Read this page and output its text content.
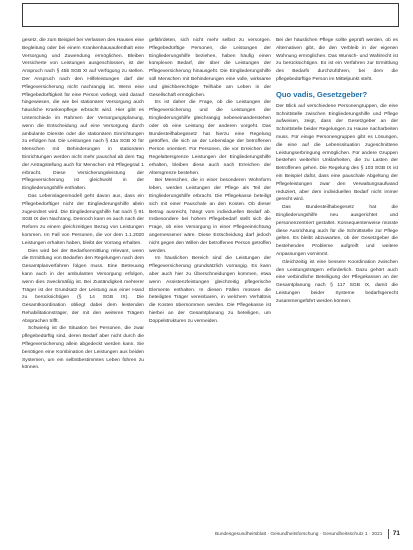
gesetz, die zum Beispiel bei Verlassen des Hauses eine Begleitung oder bei einem Krankenhausaufenthalt eine Versorgung und Zuwendung ermöglichen. Bleiben Versicherte von Leistungen ausgeschlossen, ist der Anspruch nach § 45b SGB XI auf Verfügung zu stellen. Der Anspruch nach den Hilfeleistungen darf der Pflegeversicherung nicht nachrangig ist. Wenn eine Pflegebedürftigkeit für eine Person vorliegt, wird darauf hingewiesen, die wie bei stationärer Versorgung auch häusliche Krankenpflege erbracht wird. Hier gibt es Unterschiede im Rahmen der Versorgungsplanung, wenn die Entscheidung auf eine Versorgung durch ambulante Dienste oder die stationären Einrichtungen zu erfolgen hat. Die Leistungen nach § 43a SGB XI für Menschen mit Behinderungen in stationären Einrichtungen werden nicht mehr pauschal ab dem Tag der Antragstellung auch für Menschen mit Pflegegrad 1 erbracht. Diese Versicherungsleistung der Pflegeversicherung ist gleichwohl in der Eingliederungshilfe enthalten.

Das Lebenslagenmodell geht davon aus, dass ein Pflegebedürftiger nicht der Eingliederungshilfe allein zugeordnet wird. Die Eingliederungshilfe hat nach § 91 SGB IX den Nachrang. Dennoch kann es auch nach der Reform zu einem gleichzeitigen Bezug von Leistungen kommen. Im Fall von Personen, die vor dem 1.1.2020 Leistungen erhalten haben, bleibt der Vorrang erhalten.

Dies wird bei der Bedarfsermittlung relevant, wenn die Ermittlung von Bedarfen den Regelungen nach dem Gesamtplanverfahren folgen muss. Eine Betreuung kann auch in der ambulanten Versorgung erfolgen, wenn dies zweckmäßig ist. Bei Zuständigkeit mehrerer Träger ist der Grundsatz der Leistung aus einer Hand zu berücksichtigen (§ 14 SGB IX). Die Gesamtkoordination obliegt dabei dem leistenden Rehabilitationsträger, der mit den weiteren Trägern Absprachen trifft.

Schwierig ist die Situation bei Personen, die zwar pflegebedürftig sind, deren Bedarf aber nicht durch die Pflegeversicherung allein abgedeckt werden kann. Sie benötigen eine Kombination der Leistungen aus beiden Systemen, um ein selbstbestimmtes Leben führen zu können.

gefährdeten, sich nicht mehr selbst zu versorgen. Pflegebedürftige Personen, die Leistungen der Eingliederungshilfe beziehen, haben häufig einen komplexen Bedarf, der über die Leistungen der Pflegeversicherung hinausgeht. Die Eingliederungshilfe soll Menschen mit Behinderungen eine volle, wirksame und gleichberechtigte Teilhabe am Leben in der Gesellschaft ermöglichen.

Es ist daher die Frage, ob die Leistungen der Pflegeversicherung und die Leistungen der Eingliederungshilfe gleichrangig nebeneinanderstehen oder ob eine Leistung der anderen vorgeht. Das Bundesteilhabegesetz hat hierzu eine Regelung getroffen, die sich an der Lebenslage der betroffenen Person orientiert. Für Personen, die vor Erreichen der Regelaltersgrenze Leistungen der Eingliederungshilfe erhalten, bleiben diese auch nach Erreichen der Altersgrenze bestehen.

Bei Menschen, die in einer besonderen Wohnform leben, werden Leistungen der Pflege als Teil der Eingliederungshilfe erbracht. Die Pflegekasse beteiligt sich mit einer Pauschale an den Kosten. Ob dieser Betrag ausreicht, hängt vom individuellen Bedarf ab. Insbesondere bei hohem Pflegebedarf stellt sich die Frage, ob eine Versorgung in einer Pflegeeinrichtung angemessener wäre. Diese Entscheidung darf jedoch nicht gegen den Willen der betroffenen Person getroffen werden.

Im häuslichen Bereich sind die Leistungen der Pflegeversicherung grundsätzlich vorrangig. Es kann aber auch hier zu Überschneidungen kommen, etwa wenn Assistenzleistungen gleichzeitig pflegerische Elemente enthalten. In diesen Fällen müssen die beteiligten Träger vereinbaren, in welchem Verhältnis die Kosten übernommen werden. Die Pflegekasse ist hierbei an der Gesamtplanung zu beteiligen, um Doppelstrukturen zu vermeiden.

Bei der häuslichen Pflege sollte geprüft werden, ob es Alternativen gibt, die den Verbleib in der eigenen Wohnung ermöglichen. Das Wunsch- und Wahlrecht ist zu berücksichtigen. Es ist ein Verfahren zur Ermittlung des Bedarfs durchzuführen, bei dem die pflegebedürftige Person im Mittelpunkt steht.

Quo vadis, Gesetzgeber?

Der Blick auf verschiedene Personengruppen, die eine Schnittstelle zwischen Eingliederungshilfe und Pflege aufweisen, zeigt, dass der Gesetzgeber an der Schnittstelle beider Regelungen zu Hause nacharbeiten muss. Für einige Personengruppen gibt es Lösungen, die eine auf die Lebenssituation zugeschnittene Leistungserbringung ermöglichen. Für andere Gruppen bestehen weiterhin Unklarheiten, die zu Lasten der Betroffenen gehen. Die Regelung des § 103 SGB IX ist ein Beispiel dafür, dass eine pauschale Abgeltung der Pflegeleistungen zwar den Verwaltungsaufwand reduziert, aber dem individuellen Bedarf nicht immer gerecht wird.

Das Bundesteilhabegesetz hat die Eingliederungshilfe neu ausgerichtet und personenzentriert gestaltet. Konsequenterweise müsste diese Ausrichtung auch für die Schnittstelle zur Pflege gelten. Es bleibt abzuwarten, ob der Gesetzgeber die bestehenden Probleme aufgreift und weitere Anpassungen vornimmt.

Gleichzeitig ist eine bessere Koordination zwischen den Leistungsträgern erforderlich. Dazu gehört auch eine verbindliche Beteiligung der Pflegekassen an der Gesamtplanung nach § 117 SGB IX, damit die Leistungen beider Systeme bedarfsgerecht zusammengeführt werden können.

Bundesgesundheitsblatt · Gesundheitsforschung · Gesundheitsschutz 1 · 2021 71
